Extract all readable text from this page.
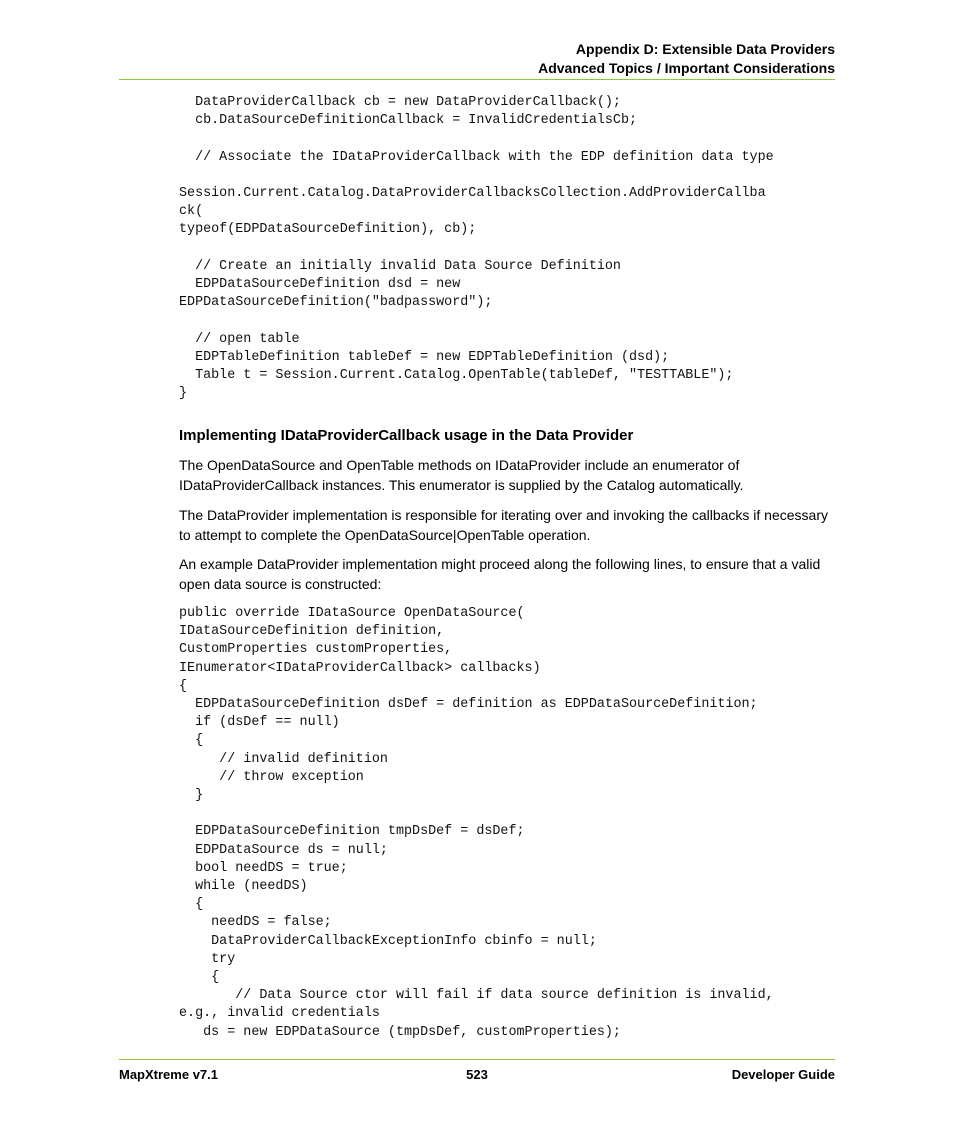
Appendix D: Extensible Data Providers
Advanced Topics / Important Considerations
DataProviderCallback cb = new DataProviderCallback();
cb.DataSourceDefinitionCallback = InvalidCredentialsCb;

// Associate the IDataProviderCallback with the EDP definition data type

Session.Current.Catalog.DataProviderCallbacksCollection.AddProviderCallba
ck(
typeof(EDPDataSourceDefinition), cb);

// Create an initially invalid Data Source Definition
EDPDataSourceDefinition dsd = new
EDPDataSourceDefinition("badpassword");

// open table
EDPTableDefinition tableDef = new EDPTableDefinition (dsd);
Table t = Session.Current.Catalog.OpenTable(tableDef, "TESTTABLE");
}
Implementing IDataProviderCallback usage in the Data Provider

The OpenDataSource and OpenTable methods on IDataProvider include an enumerator of IDataProviderCallback instances. This enumerator is supplied by the Catalog automatically.

The DataProvider implementation is responsible for iterating over and invoking the callbacks if necessary to attempt to complete the OpenDataSource|OpenTable operation.

An example DataProvider implementation might proceed along the following lines, to ensure that a valid open data source is constructed:

public override IDataSource OpenDataSource(
IDataSourceDefinition definition,
CustomProperties customProperties,
IEnumerator<IDataProviderCallback> callbacks)
{
EDPDataSourceDefinition dsDef = definition as EDPDataSourceDefinition;
if (dsDef == null)
{
// invalid definition
// throw exception
}

EDPDataSourceDefinition tmpDsDef = dsDef;
EDPDataSource ds = null;
bool needDS = true;
while (needDS)
{
needDS = false;
DataProviderCallbackExceptionInfo cbinfo = null;
try
{
// Data Source ctor will fail if data source definition is invalid,
e.g., invalid credentials
ds = new EDPDataSource (tmpDsDef, customProperties);
MapXtreme v7.1	523	Developer Guide
